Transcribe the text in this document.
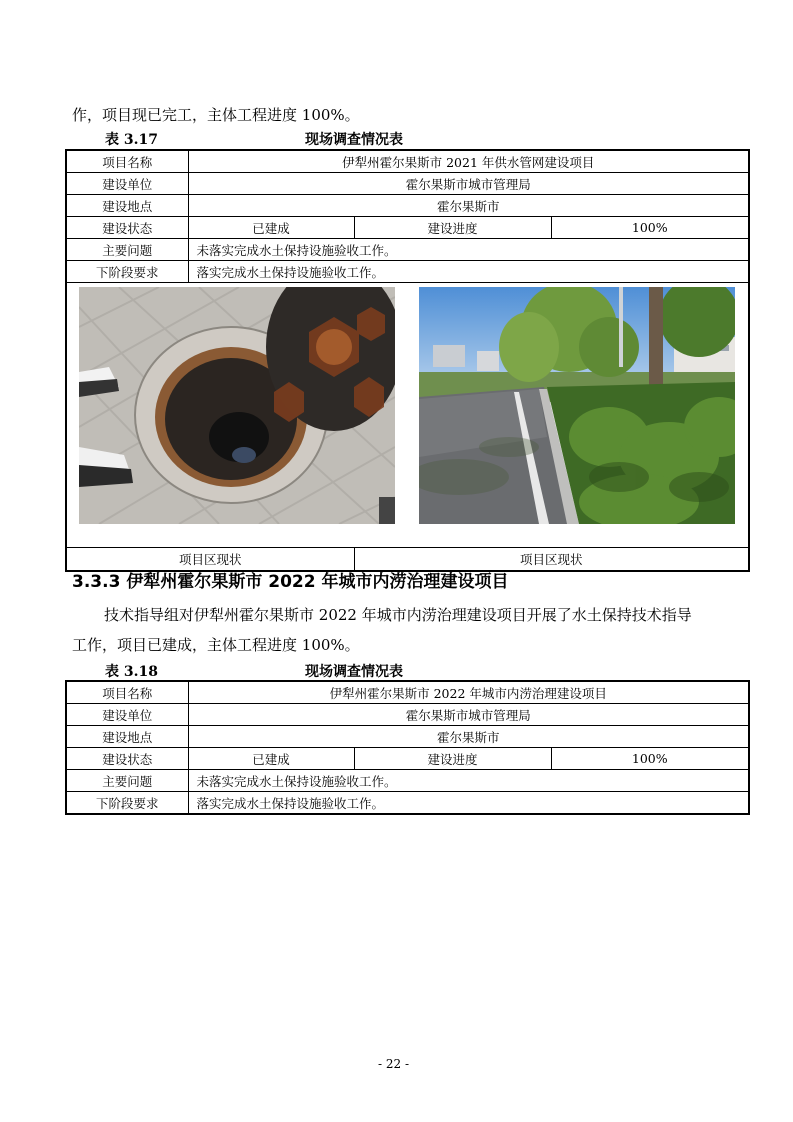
作，项目现已完工，主体工程进度 100%。
表 3.17	现场调查情况表
项目名称	伊犁州霍尔果斯市 2021 年供水管网建设项目		
建设单位	霍尔果斯市城市管理局		
建设地点	霍尔果斯市		
建设状态	已建成	建设进度	100%
主要问题	未落实完成水土保持设施验收工作。		
下阶段要求	落实完成水土保持设施验收工作。		

项目区现状		项目区现状	
3.3.3 伊犁州霍尔果斯市 2022 年城市内涝治理建设项目
技术指导组对伊犁州霍尔果斯市 2022 年城市内涝治理建设项目开展了水土保持技术指导
工作，项目已建成，主体工程进度 100%。
表 3.18	现场调查情况表
项目名称	伊犁州霍尔果斯市 2022 年城市内涝治理建设项目		
建设单位	霍尔果斯市城市管理局		
建设地点	霍尔果斯市		
建设状态	已建成	建设进度	100%
主要问题	未落实完成水土保持设施验收工作。		
下阶段要求	落实完成水土保持设施验收工作。		
- 22 -
